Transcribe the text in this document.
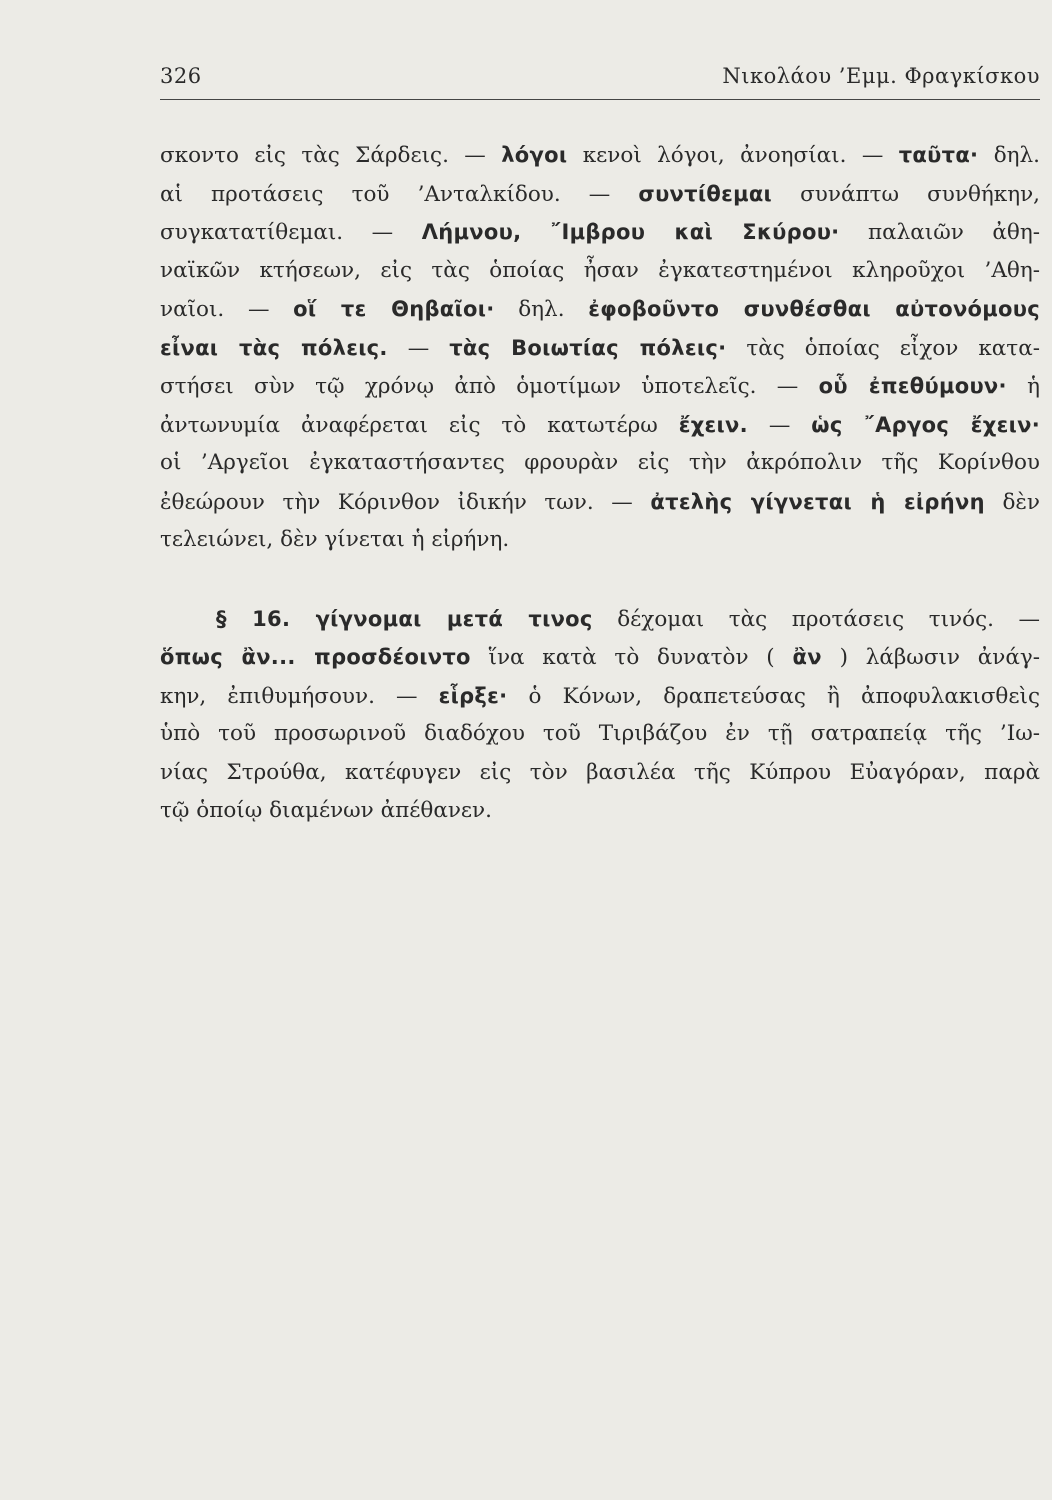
326	Νικολάου ’Εμμ. Φραγκίσκου
σκοντο εἰς τὰς Σάρδεις. — λόγοι κενοὶ λόγοι, ἀνοησίαι. — ταῦτα· δηλ.
αἱ προτάσεις τοῦ ’Ανταλκίδου. — συντίθεμαι συνάπτω συνθήκην,
συγκατατίθεμαι. — Λήμνου, ῎Ιμβρου καὶ Σκύρου· παλαιῶν ἀθη-
ναϊκῶν κτήσεων, εἰς τὰς ὁποίας ἦσαν ἐγκατεστημένοι κληροῦχοι ’Αθη-
ναῖοι. — οἵ τε Θηβαῖοι· δηλ. ἐφοβοῦντο συνθέσθαι αὐτονόμους
εἶναι τὰς πόλεις. — τὰς Βοιωτίας πόλεις· τὰς ὁποίας εἶχον κατα-
στήσει σὺν τῷ χρόνῳ ἀπὸ ὁμοτίμων ὑποτελεῖς. — οὗ ἐπεθύμουν· ἡ
ἀντωνυμία ἀναφέρεται εἰς τὸ κατωτέρω ἔχειν. — ὡς ῎Αργος ἔχειν·
οἱ ’Αργεῖοι ἐγκαταστήσαντες φρουρὰν εἰς τὴν ἀκρόπολιν τῆς Κορίνθου
ἐθεώρουν τὴν Κόρινθον ἰδικήν των. — ἀτελὴς γίγνεται ἡ εἰρήνη δὲν
τελειώνει, δὲν γίνεται ἡ εἰρήνη.
§ 16. γίγνομαι μετά τινος δέχομαι τὰς προτάσεις τινός. —
ὅπως ἂν... προσδέοιντο ἵνα κατὰ τὸ δυνατὸν ( ἂν ) λάβωσιν ἀνάγ-
κην, ἐπιθυμήσουν. — εἷρξε· ὁ Κόνων, δραπετεύσας ἢ ἀποφυλακισθεὶς
ὑπὸ τοῦ προσωρινοῦ διαδόχου τοῦ Τιριβάζου ἐν τῇ σατραπείᾳ τῆς ’Ιω-
νίας Στρούθα, κατέφυγεν εἰς τὸν βασιλέα τῆς Κύπρου Εὐαγόραν, παρὰ
τῷ ὁποίῳ διαμένων ἀπέθανεν.
